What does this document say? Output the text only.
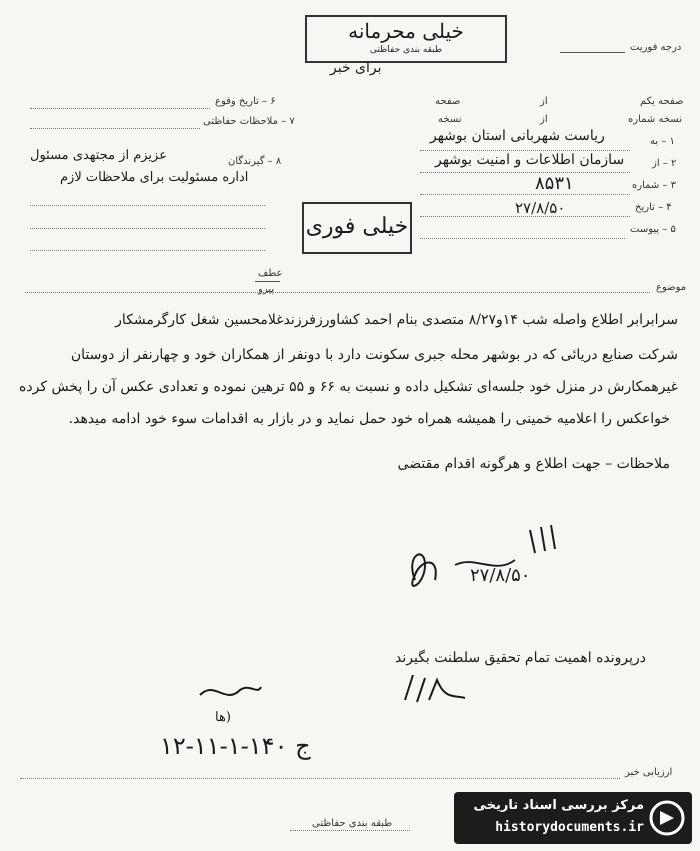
خیلی محرمانه
طبقه بندی حفاظتی
برای خبر
درجه فوریت
صفحه یکم
از
صفحه
نسخه شماره
از
نسخه
۱ – به
ریاست شهربانی استان بوشهر
۲ – از
سازمان اطلاعات و امنیت بوشهر
۳ – شماره
۸۵۳۱
۴ – تاریخ
۲۷/۸/۵۰
۵ – پیوست
۶ – تاریخ وقوع
۷ – ملاحظات حفاظتی
۸ – گیرندگان
عزیزم از مجتهدی مسئول
اداره مسئولیت برای ملاحظات لازم
خیلی فوری
عطف
پیرو	موضوع
سرابرابر اطلاع واصله شب ۱۴و۸/۲۷ متصدی بنام احمد کشاورزفرزندغلامحسین شغل کارگرمشکار
شرکت صنایع دریائی که در بوشهر محله جبری سکونت دارد با دونفر از همکاران خود و چهارنفر از دوستان
غیرهمکارش در منزل خود جلسه‌ای تشکیل داده و نسبت به ۶۶ و ۵۵ ترهین نموده و تعدادی عکس آن را پخش کرده
خواعکس را اعلامیه خمینی را همیشه همراه خود حمل نماید و در بازار به اقدامات سوء خود ادامه میدهد.
ملاحظات – جهت اطلاع و هرگونه اقدام مقتضی
۲۷/۸/۵۰
درپرونده اهمیت تمام تحقیق سلطنت بگیرند
(ها
۱۲-۱۱-۱-۱۴۰ ج
ارزیابی خبر
طبقه بندی حفاظتی
مرکز بررسی اسناد تاریخی
historydocuments.ir
